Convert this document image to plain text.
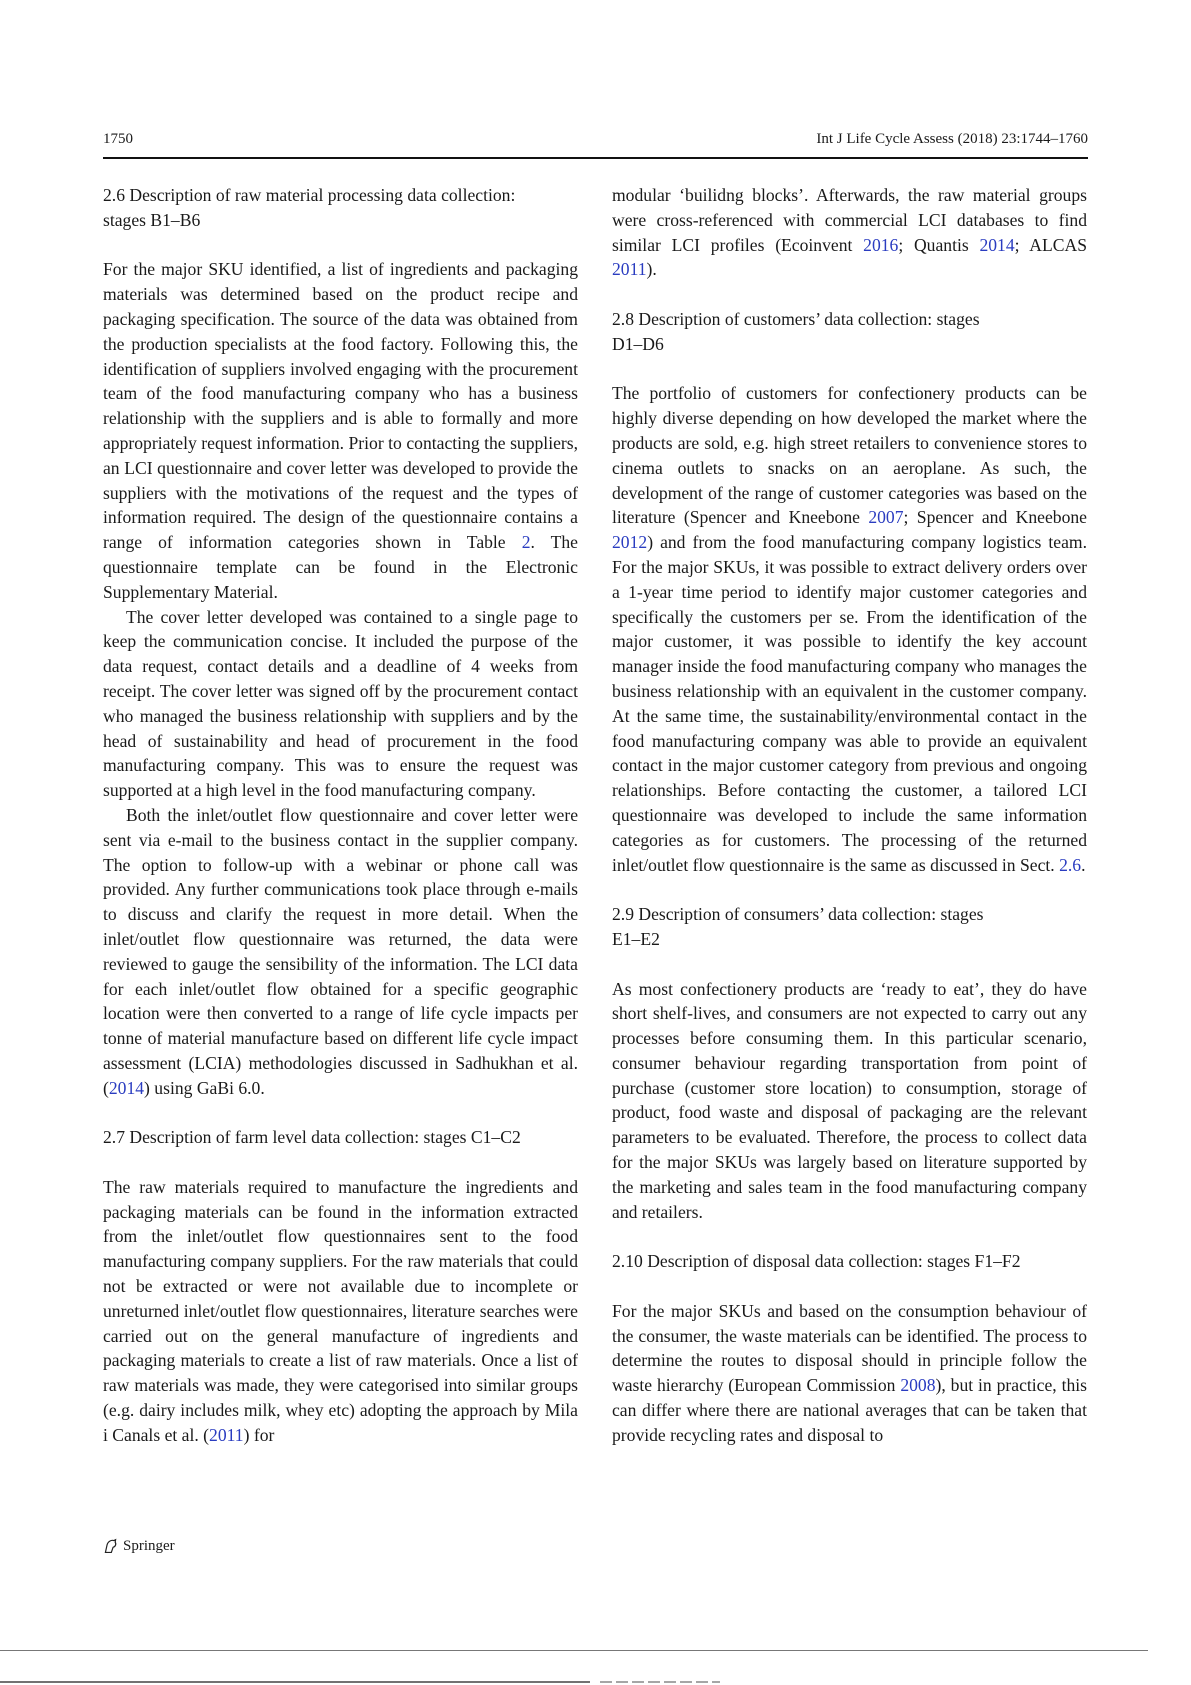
1750	Int J Life Cycle Assess (2018) 23:1744–1760
2.6 Description of raw material processing data collection:
stages B1–B6

For the major SKU identified, a list of ingredients and packaging materials was determined based on the product recipe and packaging specification. The source of the data was obtained from the production specialists at the food factory. Following this, the identification of suppliers involved engaging with the procurement team of the food manufacturing company who has a business relationship with the suppliers and is able to formally and more appropriately request information. Prior to contacting the suppliers, an LCI questionnaire and cover letter was developed to provide the suppliers with the motivations of the request and the types of information required. The design of the questionnaire contains a range of information categories shown in Table 2. The questionnaire template can be found in the Electronic Supplementary Material.

The cover letter developed was contained to a single page to keep the communication concise. It included the purpose of the data request, contact details and a deadline of 4 weeks from receipt. The cover letter was signed off by the procurement contact who managed the business relationship with suppliers and by the head of sustainability and head of procurement in the food manufacturing company. This was to ensure the request was supported at a high level in the food manufacturing company.

Both the inlet/outlet flow questionnaire and cover letter were sent via e-mail to the business contact in the supplier company. The option to follow-up with a webinar or phone call was provided. Any further communications took place through e-mails to discuss and clarify the request in more detail. When the inlet/outlet flow questionnaire was returned, the data were reviewed to gauge the sensibility of the information. The LCI data for each inlet/outlet flow obtained for a specific geographic location were then converted to a range of life cycle impacts per tonne of material manufacture based on different life cycle impact assessment (LCIA) methodologies discussed in Sadhukhan et al. (2014) using GaBi 6.0.

2.7 Description of farm level data collection: stages C1–C2

The raw materials required to manufacture the ingredients and packaging materials can be found in the information extracted from the inlet/outlet flow questionnaires sent to the food manufacturing company suppliers. For the raw materials that could not be extracted or were not available due to incomplete or unreturned inlet/outlet flow questionnaires, literature searches were carried out on the general manufacture of ingredients and packaging materials to create a list of raw materials. Once a list of raw materials was made, they were categorised into similar groups (e.g. dairy includes milk, whey etc) adopting the approach by Mila i Canals et al. (2011) for

modular ‘builidng blocks’. Afterwards, the raw material groups were cross-referenced with commercial LCI databases to find similar LCI profiles (Ecoinvent 2016; Quantis 2014; ALCAS 2011).

2.8 Description of customers’ data collection: stages
D1–D6

The portfolio of customers for confectionery products can be highly diverse depending on how developed the market where the products are sold, e.g. high street retailers to convenience stores to cinema outlets to snacks on an aeroplane. As such, the development of the range of customer categories was based on the literature (Spencer and Kneebone 2007; Spencer and Kneebone 2012) and from the food manufacturing company logistics team. For the major SKUs, it was possible to extract delivery orders over a 1-year time period to identify major customer categories and specifically the customers per se. From the identification of the major customer, it was possible to identify the key account manager inside the food manufacturing company who manages the business relationship with an equivalent in the customer company. At the same time, the sustainability/environmental contact in the food manufacturing company was able to provide an equivalent contact in the major customer category from previous and ongoing relationships. Before contacting the customer, a tailored LCI questionnaire was developed to include the same information categories as for customers. The processing of the returned inlet/outlet flow questionnaire is the same as discussed in Sect. 2.6.

2.9 Description of consumers’ data collection: stages
E1–E2

As most confectionery products are ‘ready to eat’, they do have short shelf-lives, and consumers are not expected to carry out any processes before consuming them. In this particular scenario, consumer behaviour regarding transportation from point of purchase (customer store location) to consumption, storage of product, food waste and disposal of packaging are the relevant parameters to be evaluated. Therefore, the process to collect data for the major SKUs was largely based on literature supported by the marketing and sales team in the food manufacturing company and retailers.

2.10 Description of disposal data collection: stages F1–F2

For the major SKUs and based on the consumption behaviour of the consumer, the waste materials can be identified. The process to determine the routes to disposal should in principle follow the waste hierarchy (European Commission 2008), but in practice, this can differ where there are national averages that can be taken that provide recycling rates and disposal to

Springer
